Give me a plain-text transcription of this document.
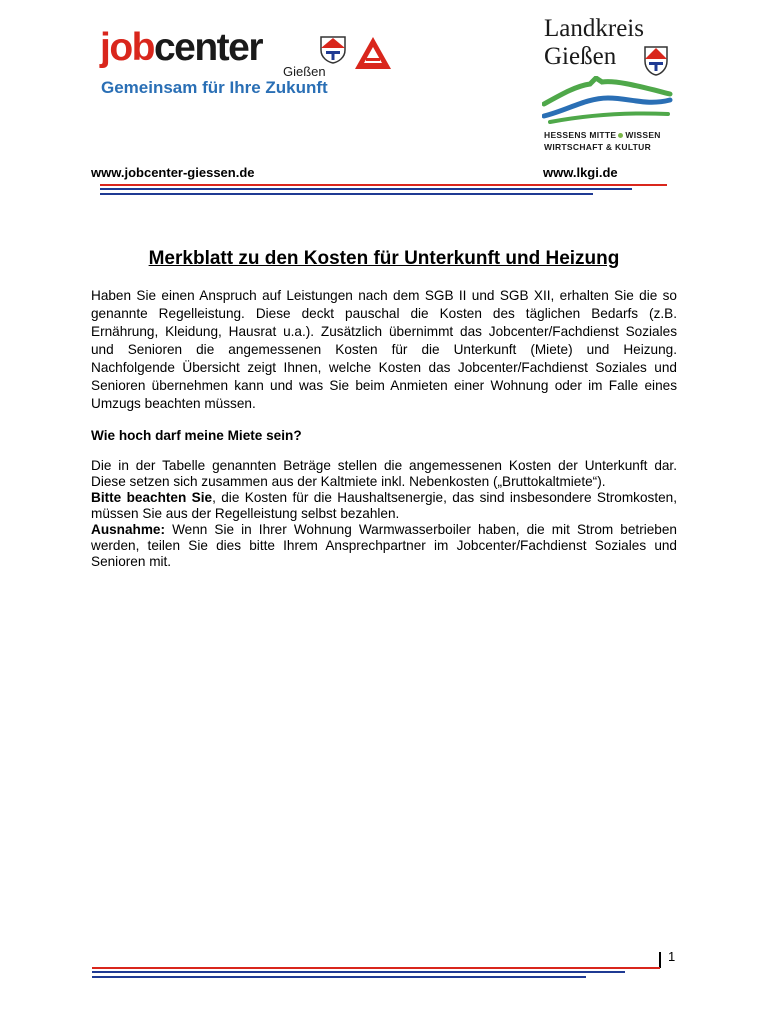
jobcenter
Gießen
Gemeinsam für Ihre Zukunft
Landkreis
Gießen
HESSENS MITTE WISSEN
WIRTSCHAFT & KULTUR
www.jobcenter-giessen.de	www.lkgi.de
Merkblatt zu den Kosten für Unterkunft und Heizung
Haben Sie einen Anspruch auf Leistungen nach dem SGB II und SGB XII, erhalten Sie die so
genannte Regelleistung. Diese deckt pauschal die Kosten des täglichen Bedarfs (z.B.
Ernährung, Kleidung, Hausrat u.a.). Zusätzlich übernimmt das Jobcenter/Fachdienst Soziales
und Senioren die angemessenen Kosten für die Unterkunft (Miete) und Heizung.
Nachfolgende Übersicht zeigt Ihnen, welche Kosten das Jobcenter/Fachdienst Soziales und
Senioren übernehmen kann und was Sie beim Anmieten einer Wohnung oder im Falle eines
Umzugs beachten müssen.
Wie hoch darf meine Miete sein?
Die in der Tabelle genannten Beträge stellen die angemessenen Kosten der Unterkunft dar.
Diese setzen sich zusammen aus der Kaltmiete inkl. Nebenkosten („Bruttokaltmiete“).
Bitte beachten Sie, die Kosten für die Haushaltsenergie, das sind insbesondere Stromkosten,
müssen Sie aus der Regelleistung selbst bezahlen.
Ausnahme: Wenn Sie in Ihrer Wohnung Warmwasserboiler haben, die mit Strom betrieben
werden, teilen Sie dies bitte Ihrem Ansprechpartner im Jobcenter/Fachdienst Soziales und
Senioren mit.
1
